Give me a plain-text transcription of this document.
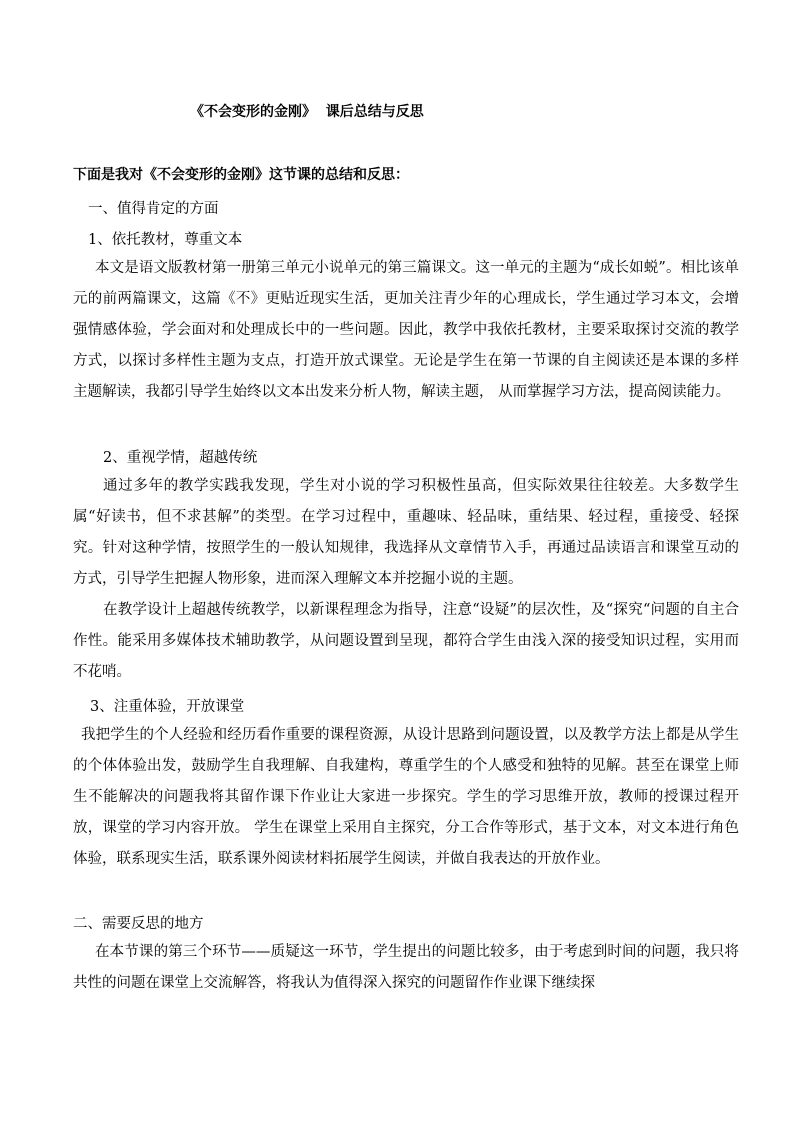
《不会变形的金刚》  课后总结与反思
下面是我对《不会变形的金刚》这节课的总结和反思：
一、值得肯定的方面
1、依托教材，尊重文本

本文是语文版教材第一册第三单元小说单元的第三篇课文。这一单元的主题为“成长如蜕”。相比该单元的前两篇课文，这篇《不》更贴近现实生活，更加关注青少年的心理成长，学生通过学习本文，会增强情感体验，学会面对和处理成长中的一些问题。因此，教学中我依托教材，主要采取探讨交流的教学方式，以探讨多样性主题为支点，打造开放式课堂。无论是学生在第一节课的自主阅读还是本课的多样主题解读，我都引导学生始终以文本出发来分析人物，解读主题， 从而掌握学习方法，提高阅读能力。

2、重视学情，超越传统

通过多年的教学实践我发现，学生对小说的学习积极性虽高，但实际效果往往较差。大多数学生属“好读书，但不求甚解”的类型。在学习过程中，重趣味、轻品味，重结果、轻过程，重接受、轻探究。针对这种学情，按照学生的一般认知规律，我选择从文章情节入手，再通过品读语言和课堂互动的方式，引导学生把握人物形象，进而深入理解文本并挖掘小说的主题。

在教学设计上超越传统教学，以新课程理念为指导，注意“设疑”的层次性，及“探究“问题的自主合作性。能采用多媒体技术辅助教学，从问题设置到呈现，都符合学生由浅入深的接受知识过程，实用而不花哨。

3、注重体验，开放课堂

我把学生的个人经验和经历看作重要的课程资源，从设计思路到问题设置，以及教学方法上都是从学生的个体体验出发，鼓励学生自我理解、自我建构，尊重学生的个人感受和独特的见解。甚至在课堂上师生不能解决的问题我将其留作课下作业让大家进一步探究。学生的学习思维开放，教师的授课过程开放，课堂的学习内容开放。 学生在课堂上采用自主探究，分工合作等形式，基于文本，对文本进行角色体验，联系现实生活，联系课外阅读材料拓展学生阅读，并做自我表达的开放作业。

二、需要反思的地方

在本节课的第三个环节——质疑这一环节，学生提出的问题比较多，由于考虑到时间的问题，我只将共性的问题在课堂上交流解答，将我认为值得深入探究的问题留作作业课下继续探
